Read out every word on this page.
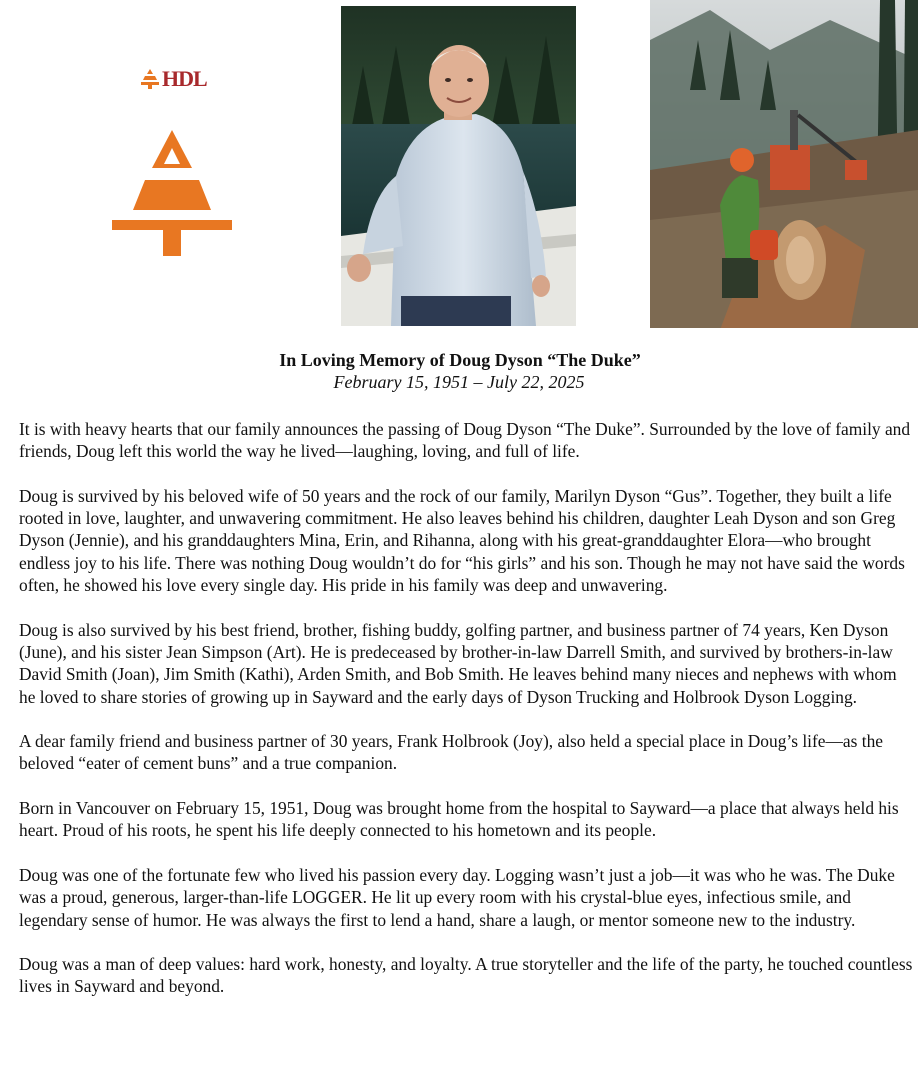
HDL

In Loving Memory of Doug Dyson “The Duke”

February 15, 1951 – July 22, 2025

It is with heavy hearts that our family announces the passing of Doug Dyson “The Duke”. Surrounded by the love of family and friends, Doug left this world the way he lived—laughing, loving, and full of life.

Doug is survived by his beloved wife of 50 years and the rock of our family, Marilyn Dyson “Gus”. Together, they built a life rooted in love, laughter, and unwavering commitment. He also leaves behind his children, daughter Leah Dyson and son Greg Dyson (Jennie), and his granddaughters Mina, Erin, and Rihanna, along with his great-granddaughter Elora—who brought endless joy to his life. There was nothing Doug wouldn’t do for “his girls” and his son. Though he may not have said the words often, he showed his love every single day. His pride in his family was deep and unwavering.

Doug is also survived by his best friend, brother, fishing buddy, golfing partner, and business partner of 74 years, Ken Dyson (June), and his sister Jean Simpson (Art). He is predeceased by brother-in-law Darrell Smith, and survived by brothers-in-law David Smith (Joan), Jim Smith (Kathi), Arden Smith, and Bob Smith. He leaves behind many nieces and nephews with whom he loved to share stories of growing up in Sayward and the early days of Dyson Trucking and Holbrook Dyson Logging.

A dear family friend and business partner of 30 years, Frank Holbrook (Joy), also held a special place in Doug’s life—as the beloved “eater of cement buns” and a true companion.

Born in Vancouver on February 15, 1951, Doug was brought home from the hospital to Sayward—a place that always held his heart. Proud of his roots, he spent his life deeply connected to his hometown and its people.

Doug was one of the fortunate few who lived his passion every day. Logging wasn’t just a job—it was who he was. The Duke was a proud, generous, larger-than-life LOGGER. He lit up every room with his crystal-blue eyes, infectious smile, and legendary sense of humor. He was always the first to lend a hand, share a laugh, or mentor someone new to the industry.

Doug was a man of deep values: hard work, honesty, and loyalty. A true storyteller and the life of the party, he touched countless lives in Sayward and beyond.
